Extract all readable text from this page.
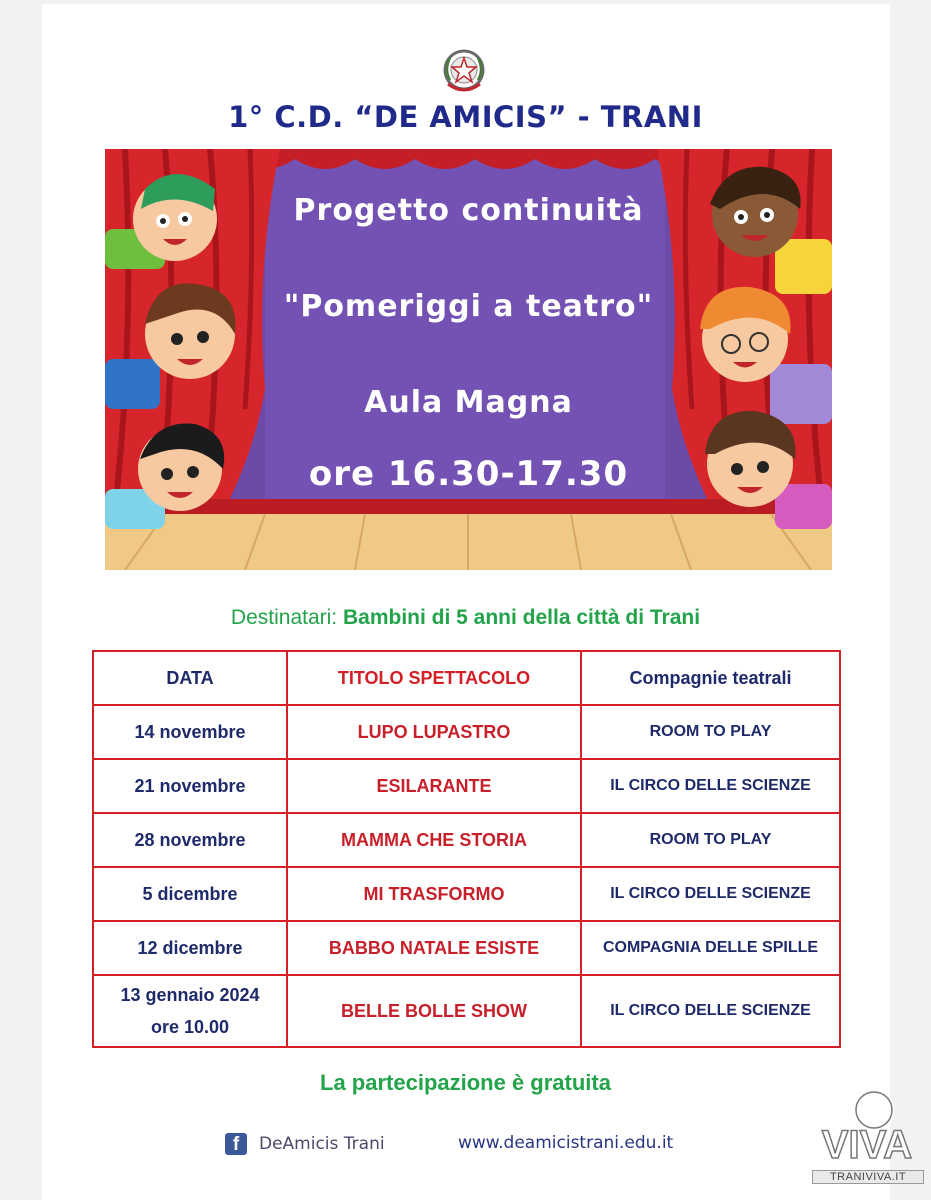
1° C.D. “DE AMICIS” - TRANI
Progetto continuità
"Pomeriggi a teatro"
Aula Magna
ore 16.30-17.30
Destinatari: Bambini di 5 anni della città di Trani
DATA	TITOLO SPETTACOLO	Compagnie teatrali
14 novembre	LUPO LUPASTRO	ROOM TO PLAY
21 novembre	ESILARANTE	IL CIRCO DELLE SCIENZE
28 novembre	MAMMA CHE STORIA	ROOM TO PLAY
5 dicembre	MI TRASFORMO	IL CIRCO DELLE SCIENZE
12 dicembre	BABBO NATALE ESISTE	COMPAGNIA DELLE SPILLE

13 gennaio 2024
ore 10.00	BELLE BOLLE SHOW	IL CIRCO DELLE SCIENZE
La partecipazione è gratuita
f	DeAmicis Trani	www.deamicistrani.edu.it	VIVA
TRANIVIVA.IT
